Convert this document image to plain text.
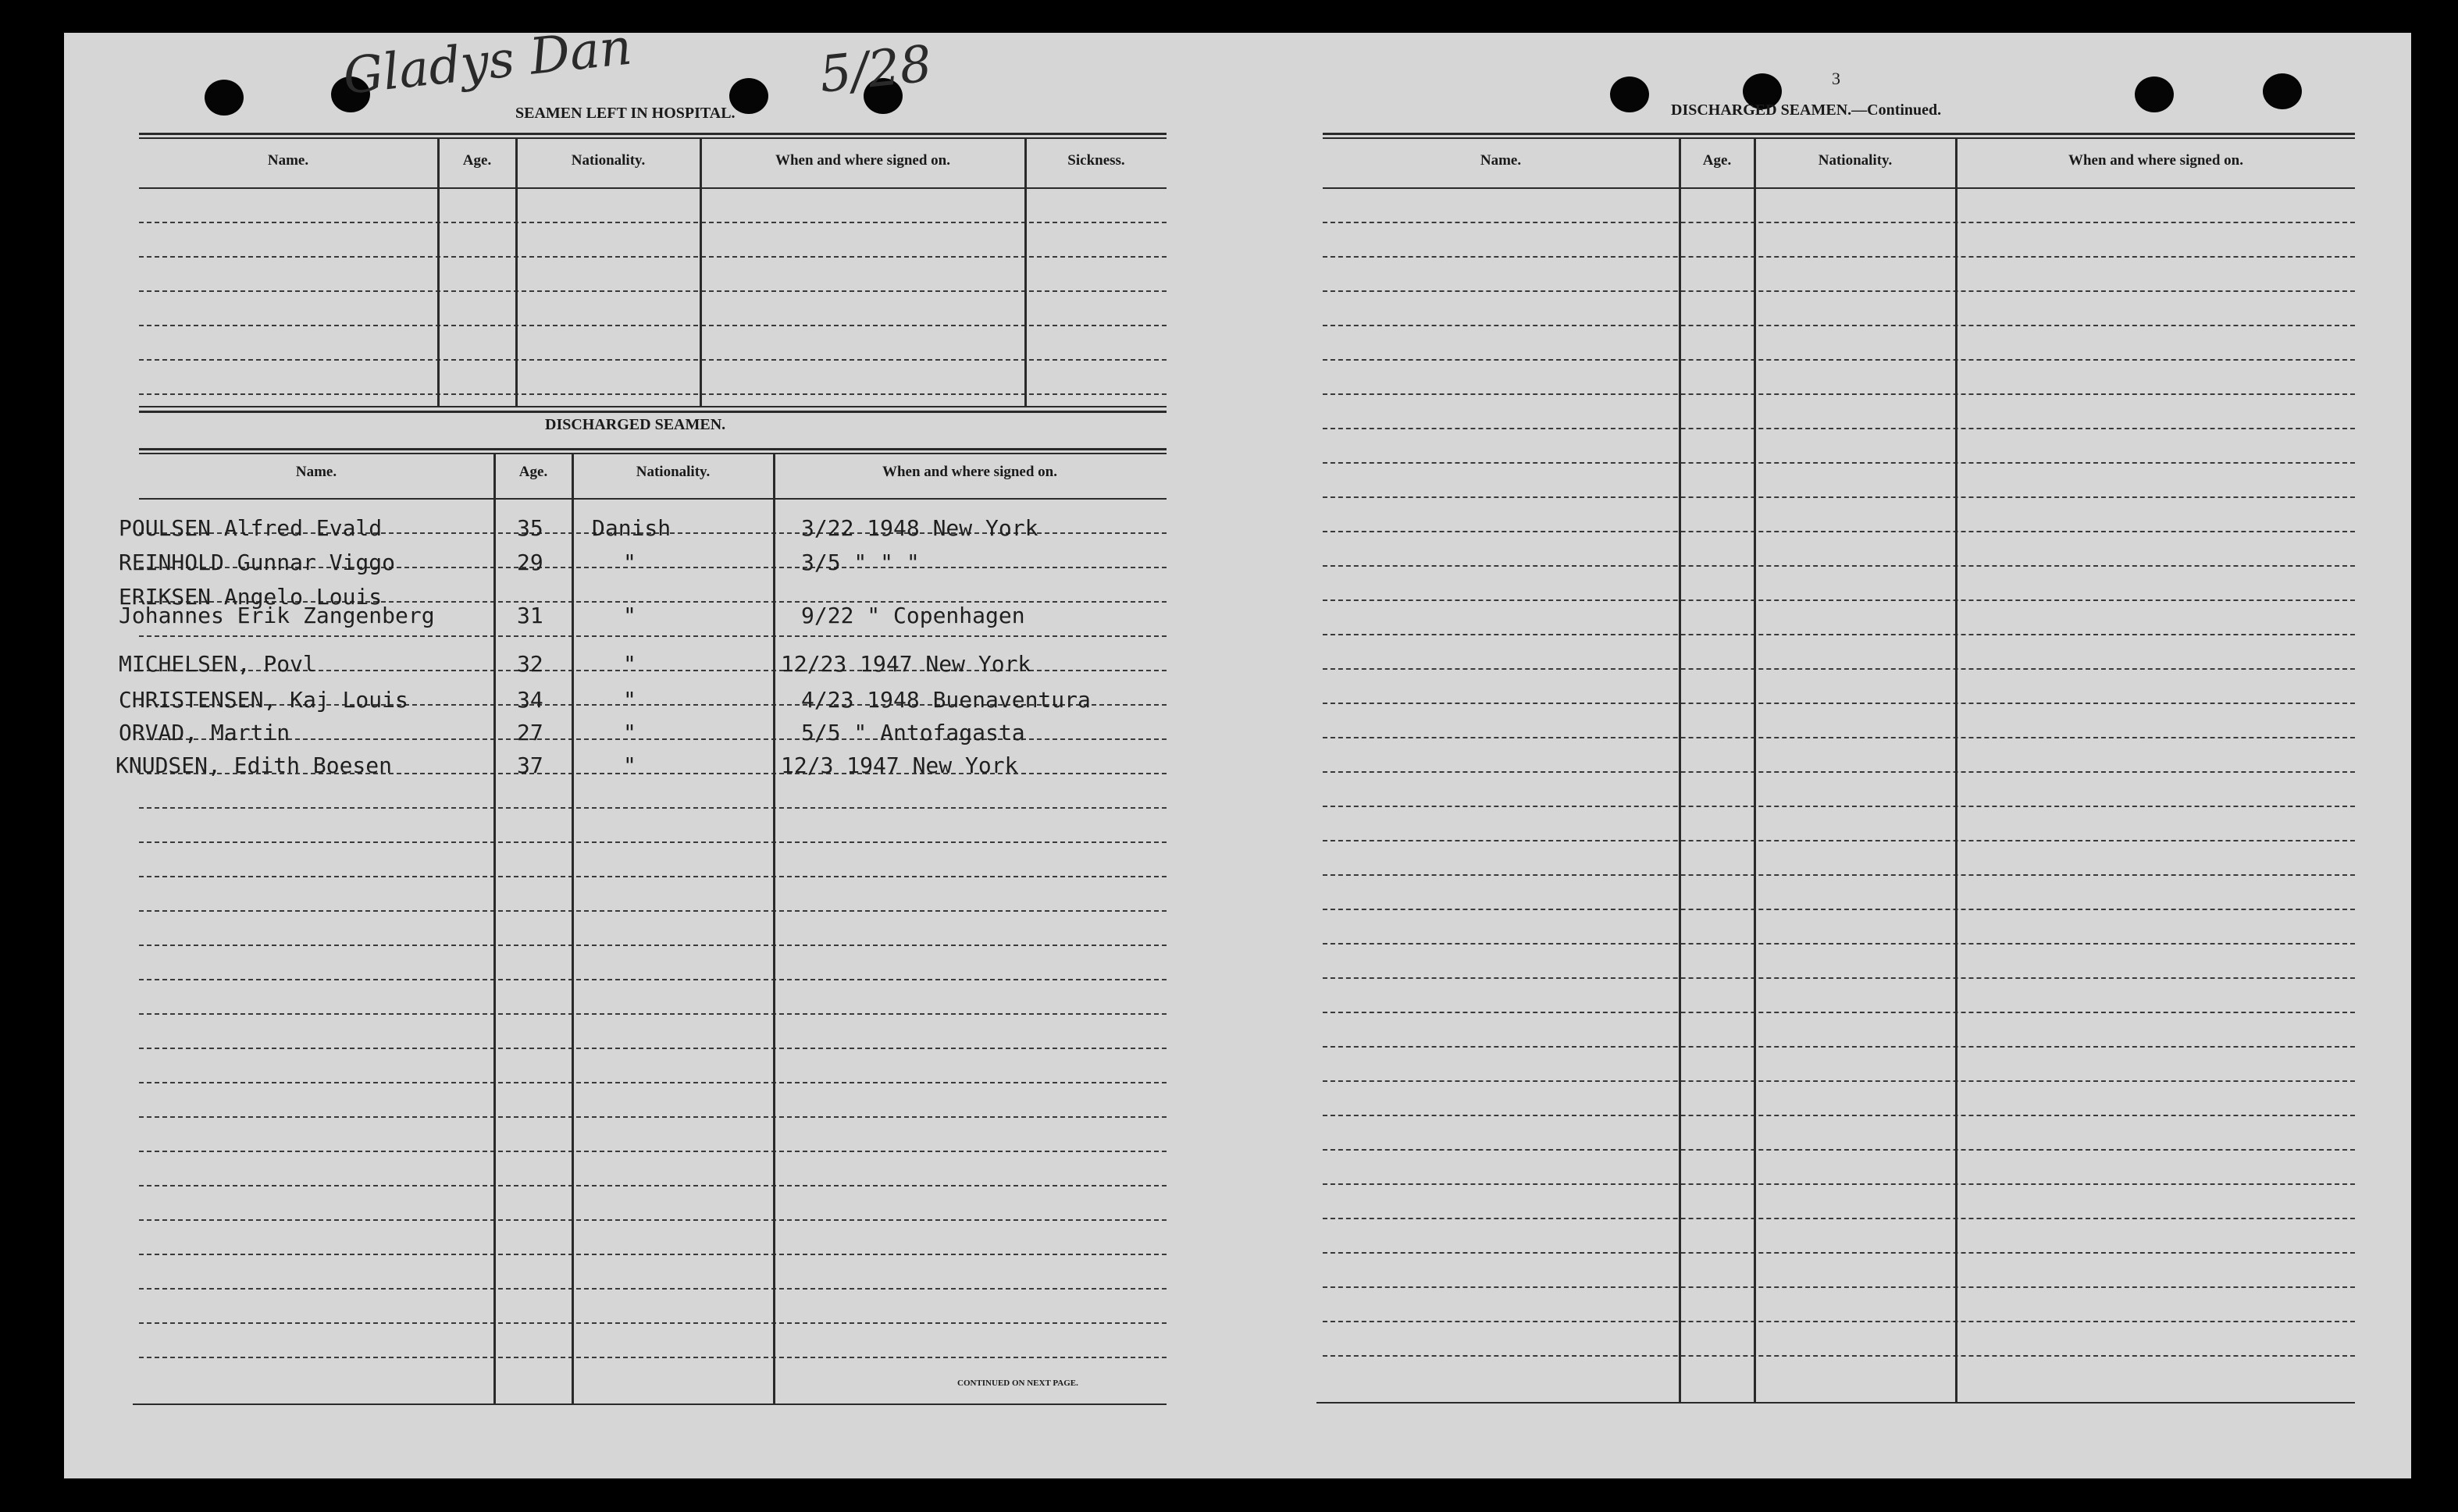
Gladys Dan	5/28
SEAMEN LEFT IN HOSPITAL.
Name.	Age.	Nationality.	When and where signed on.	Sickness.
DISCHARGED SEAMEN.
Name.	Age.	Nationality.	When and where signed on.
POULSEN Alfred Evald	35 Danish	3/22 1948 New York
REINHOLD Gunnar Viggo	29	"	3/5 " " "
ERIKSEN Angelo Louis
Johannes Erik Zangenberg	31	"	9/22 " Copenhagen
MICHELSEN, Povl	32	"	12/23 1947 New York
CHRISTENSEN, Kaj Louis	34	"	4/23 1948 Buenaventura
ORVAD, Martin	27	"	5/5 " Antofagasta
KNUDSEN, Edith Boesen	37	"	12/3 1947 New York
CONTINUED ON NEXT PAGE.
3
DISCHARGED SEAMEN.—Continued.
Name.	Age.	Nationality.	When and where signed on.
